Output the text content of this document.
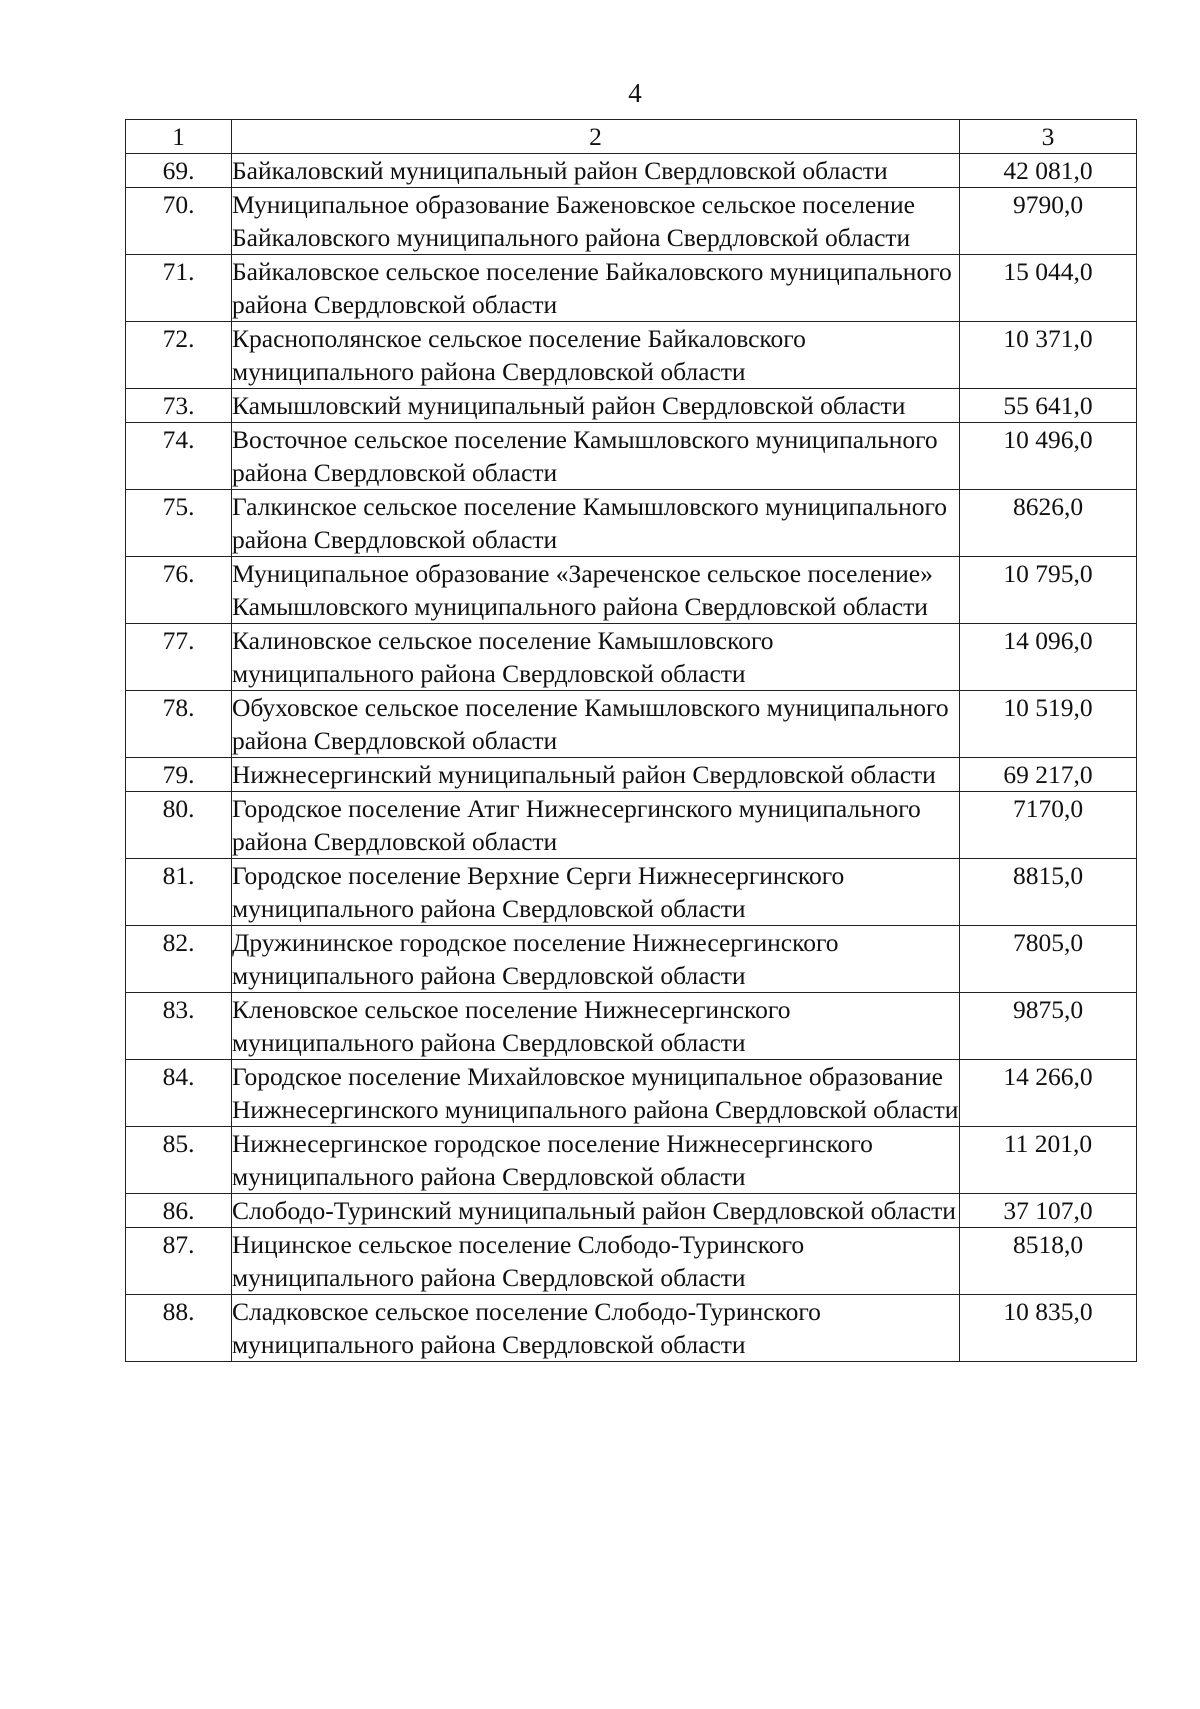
4
1	2	3
69.	Байкаловский муниципальный район Свердловской области	42 081,0
70.	Муниципальное образование Баженовское сельское поселение Байкаловского муниципального района Свердловской области	9790,0
71.	Байкаловское сельское поселение Байкаловского муниципального района Свердловской области	15 044,0
72.	Краснополянское сельское поселение Байкаловского муниципального района Свердловской области	10 371,0
73.	Камышловский муниципальный район Свердловской области	55 641,0
74.	Восточное сельское поселение Камышловского муниципального района Свердловской области	10 496,0
75.	Галкинское сельское поселение Камышловского муниципального района Свердловской области	8626,0
76.	Муниципальное образование «Зареченское сельское поселение» Камышловского муниципального района Свердловской области	10 795,0
77.	Калиновское сельское поселение Камышловского муниципального района Свердловской области	14 096,0
78.	Обуховское сельское поселение Камышловского муниципального района Свердловской области	10 519,0
79.	Нижнесергинский муниципальный район Свердловской области	69 217,0
80.	Городское поселение Атиг Нижнесергинского муниципального района Свердловской области	7170,0
81.	Городское поселение Верхние Серги Нижнесергинского муниципального района Свердловской области	8815,0
82.	Дружининское городское поселение Нижнесергинского муниципального района Свердловской области	7805,0
83.	Кленовское сельское поселение Нижнесергинского муниципального района Свердловской области	9875,0
84.	Городское поселение Михайловское муниципальное образование Нижнесергинского муниципального района Свердловской области	14 266,0
85.	Нижнесергинское городское поселение Нижнесергинского муниципального района Свердловской области	11 201,0
86.	Слободо-Туринский муниципальный район Свердловской области	37 107,0
87.	Ницинское сельское поселение Слободо-Туринского муниципального района Свердловской области	8518,0
88.	Сладковское сельское поселение Слободо-Туринского муниципального района Свердловской области	10 835,0
